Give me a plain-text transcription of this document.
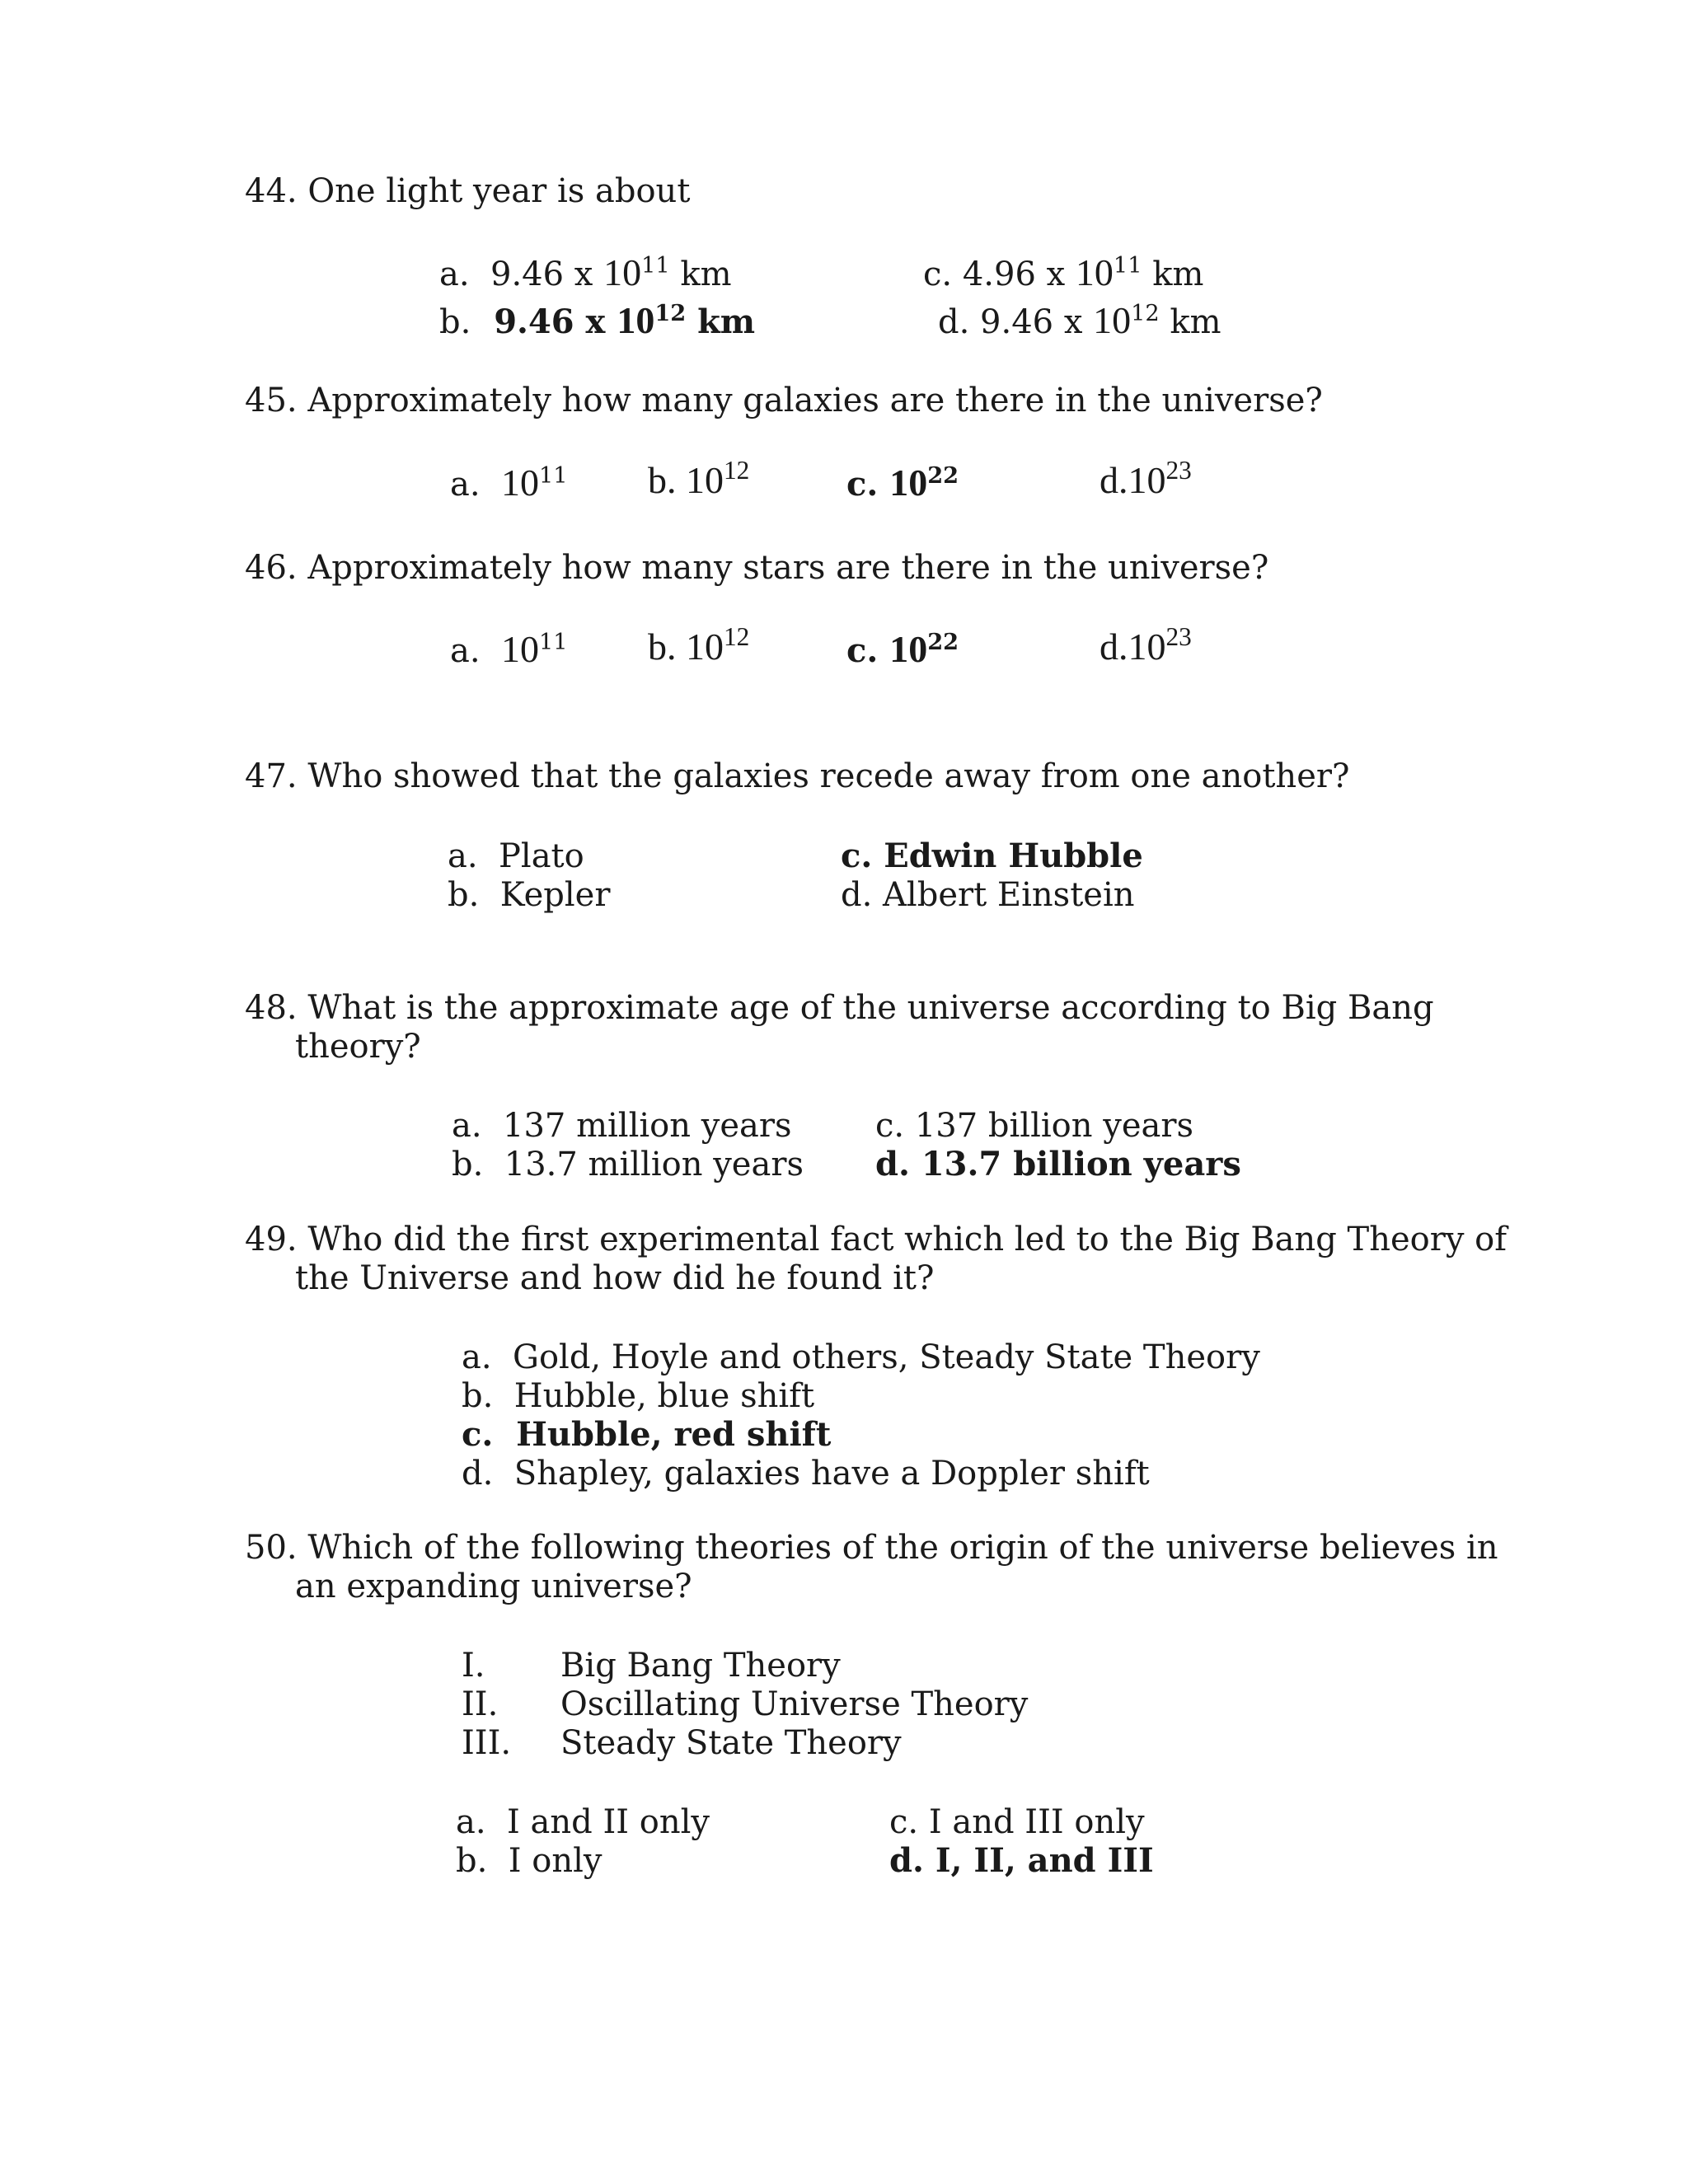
44. One light year is about
a. 9.46 x $10^{11}$ km
b. 9.46 x $10^{12}$ km
c. 4.96 x $10^{11}$ km
d. 9.46 x $10^{12}$ km
45. Approximately how many galaxies are there in the universe?
a. $10^{11}$ b. $10^{12}$	c. $10^{22}$	$d.10^{23}$
46. Approximately how many stars are there in the universe?
a. $10^{11}$ b. $10^{12}$	c. $10^{22}$	$d.10^{23}$
47. Who showed that the galaxies recede away from one another?
a. Plato
b. Kepler
c. Edwin Hubble
d. Albert Einstein
48. What is the approximate age of the universe according to Big Bang
theory?
a. 137 million years
b. 13.7 million years
c. 137 billion years
d. 13.7 billion years
49. Who did the first experimental fact which led to the Big Bang Theory of
the Universe and how did he found it?
a. Gold, Hoyle and others, Steady State Theory
b. Hubble, blue shift
c. Hubble, red shift
d. Shapley, galaxies have a Doppler shift
50. Which of the following theories of the origin of the universe believes in
an expanding universe?
I. Big Bang Theory
II. Oscillating Universe Theory
III. Steady State Theory
a. I and II only
b. I only
c. I and III only
d. I, II, and III
